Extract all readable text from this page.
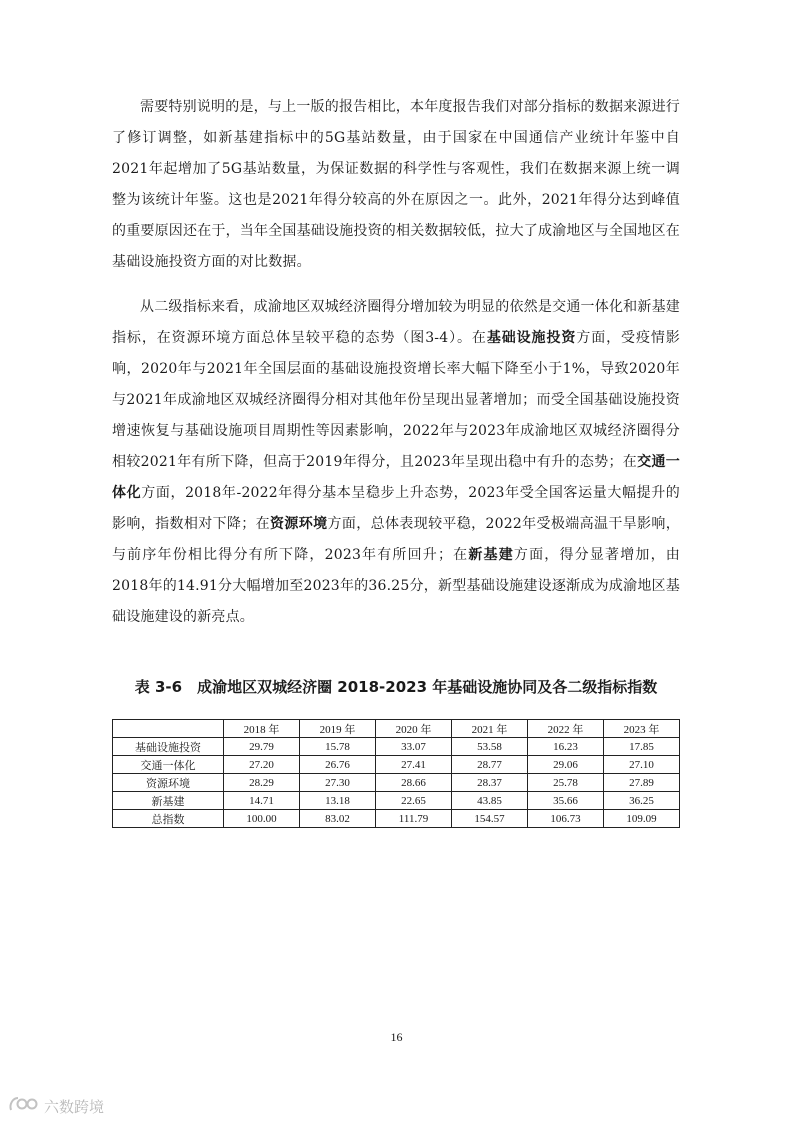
需要特别说明的是，与上一版的报告相比，本年度报告我们对部分指标的数据来源进行了修订调整，如新基建指标中的5G基站数量，由于国家在中国通信产业统计年鉴中自2021年起增加了5G基站数量，为保证数据的科学性与客观性，我们在数据来源上统一调整为该统计年鉴。这也是2021年得分较高的外在原因之一。此外，2021年得分达到峰值的重要原因还在于，当年全国基础设施投资的相关数据较低，拉大了成渝地区与全国地区在基础设施投资方面的对比数据。

从二级指标来看，成渝地区双城经济圈得分增加较为明显的依然是交通一体化和新基建指标，在资源环境方面总体呈较平稳的态势（图3-4）。在基础设施投资方面，受疫情影响，2020年与2021年全国层面的基础设施投资增长率大幅下降至小于1%，导致2020年与2021年成渝地区双城经济圈得分相对其他年份呈现出显著增加；而受全国基础设施投资增速恢复与基础设施项目周期性等因素影响，2022年与2023年成渝地区双城经济圈得分相较2021年有所下降，但高于2019年得分，且2023年呈现出稳中有升的态势；在交通一体化方面，2018年-2022年得分基本呈稳步上升态势，2023年受全国客运量大幅提升的影响，指数相对下降；在资源环境方面，总体表现较平稳，2022年受极端高温干旱影响，与前序年份相比得分有所下降，2023年有所回升；在新基建方面，得分显著增加，由2018年的14.91分大幅增加至2023年的36.25分，新型基础设施建设逐渐成为成渝地区基础设施建设的新亮点。

表 3-6　成渝地区双城经济圈 2018-2023 年基础设施协同及各二级指标指数

	2018 年	2019 年	2020 年	2021 年	2022 年	2023 年
基础设施投资	29.79	15.78	33.07	53.58	16.23	17.85
交通一体化	27.20	26.76	27.41	28.77	29.06	27.10
资源环境	28.29	27.30	28.66	28.37	25.78	27.89
新基建	14.71	13.18	22.65	43.85	35.66	36.25
总指数	100.00	83.02	111.79	154.57	106.73	109.09
16
六数跨境
